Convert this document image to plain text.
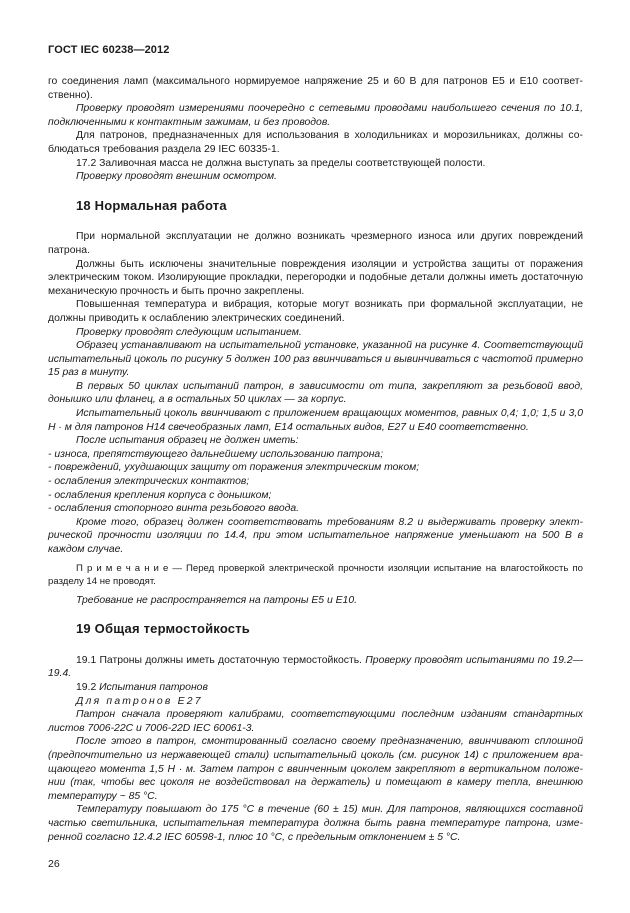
ГОСТ IEC 60238—2012

го соединения ламп (максимального нормируемое напряжение 25 и 60 В для патронов Е5 и Е10 соответственно).

Проверку проводят измерениями поочередно с сетевыми проводами наибольшего сечения по 10.1, подключенными к контактным зажимам, и без проводов.

Для патронов, предназначенных для использования в холодильниках и морозильниках, должны соблюдаться требования раздела 29 IEC 60335-1.

17.2 Заливочная масса не должна выступать за пределы соответствующей полости.

Проверку проводят внешним осмотром.

18 Нормальная работа

При нормальной эксплуатации не должно возникать чрезмерного износа или других повреждений патрона.

Должны быть исключены значительные повреждения изоляции и устройства защиты от поражения электрическим током. Изолирующие прокладки, перегородки и подобные детали должны иметь достаточную механическую прочность и быть прочно закреплены.

Повышенная температура и вибрация, которые могут возникать при формальной эксплуатации, не должны приводить к ослаблению электрических соединений.

Проверку проводят следующим испытанием.

Образец устанавливают на испытательной установке, указанной на рисунке 4. Соответствующий испытательный цоколь по рисунку 5 должен 100 раз ввинчиваться и вывинчиваться с частотой примерно 15 раз в минуту.

В первых 50 циклах испытаний патрон, в зависимости от типа, закрепляют за резьбовой ввод, донышко или фланец, а в остальных 50 циклах — за корпус.

Испытательный цоколь ввинчивают с приложением вращающих моментов, равных 0,4; 1,0; 1,5 и 3,0 Н · м для патронов Н14 свечеобразных ламп, Е14 остальных видов, Е27 и Е40 соответственно.

После испытания образец не должен иметь:

- износа, препятствующего дальнейшему использованию патрона;

- повреждений, ухудшающих защиту от поражения электрическим током;

- ослабления электрических контактов;

- ослабления крепления корпуса с донышком;

- ослабления стопорного винта резьбового ввода.

Кроме того, образец должен соответствовать требованиям 8.2 и выдерживать проверку электрической прочности изоляции по 14.4, при этом испытательное напряжение уменьшают на 500 В в каждом случае.

П р и м е ч а н и е — Перед проверкой электрической прочности изоляции испытание на влагостойкость по разделу 14 не проводят.

Требование не распространяется на патроны Е5 и Е10.

19 Общая термостойкость

19.1 Патроны должны иметь достаточную термостойкость. Проверку проводят испытаниями по 19.2—19.4.

19.2 Испытания патронов

Для патронов Е27

Патрон сначала проверяют калибрами, соответствующими последним изданиям стандартных листов 7006-22С и 7006-22D IEC 60061-3.

После этого в патрон, смонтированный согласно своему предназначению, ввинчивают сплошной (предпочтительно из нержавеющей стали) испытательный цоколь (см. рисунок 14) с приложением вращающего момента 1,5 Н · м. Затем патрон с ввинченным цоколем закрепляют в вертикальном положении (так, чтобы вес цоколя не воздействовал на держатель) и помещают в камеру тепла, внешнюю температуру ~ 85 °С.

Температуру повышают до 175 °С в течение (60 ± 15) мин. Для патронов, являющихся составной частью светильника, испытательная температура должна быть равна температуре патрона, измеренной согласно 12.4.2 IEC 60598-1, плюс 10 °С, с предельным отклонением ± 5 °С.

26
